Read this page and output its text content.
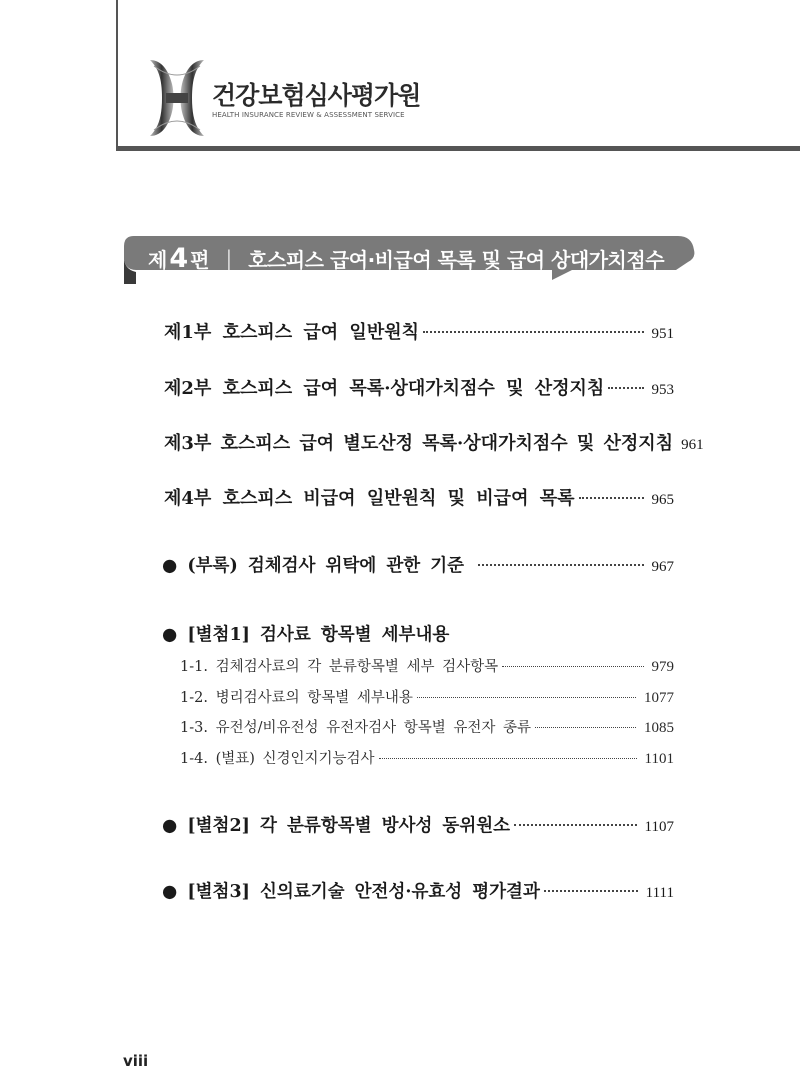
건강보험심사평가원
HEALTH INSURANCE REVIEW & ASSESSMENT SERVICE
제 4 편 | 호스피스 급여·비급여 목록 및 급여 상대가치점수
제1부 호스피스 급여 일반원칙	951
제2부 호스피스 급여 목록·상대가치점수 및 산정지침	953
제3부 호스피스 급여 별도산정 목록·상대가치점수 및 산정지침 961
제4부 호스피스 비급여 일반원칙 및 비급여 목록	965
● (부록) 검체검사 위탁에 관한 기준	967
● [별첨1] 검사료 항목별 세부내용
1-1. 검체검사료의 각 분류항목별 세부 검사항목	979
1-2. 병리검사료의 항목별 세부내용	1077
1-3. 유전성/비유전성 유전자검사 항목별 유전자 종류	1085
1-4. (별표) 신경인지기능검사	1101
● [별첨2] 각 분류항목별 방사성 동위원소	1107
● [별첨3] 신의료기술 안전성·유효성 평가결과	1111
viii
